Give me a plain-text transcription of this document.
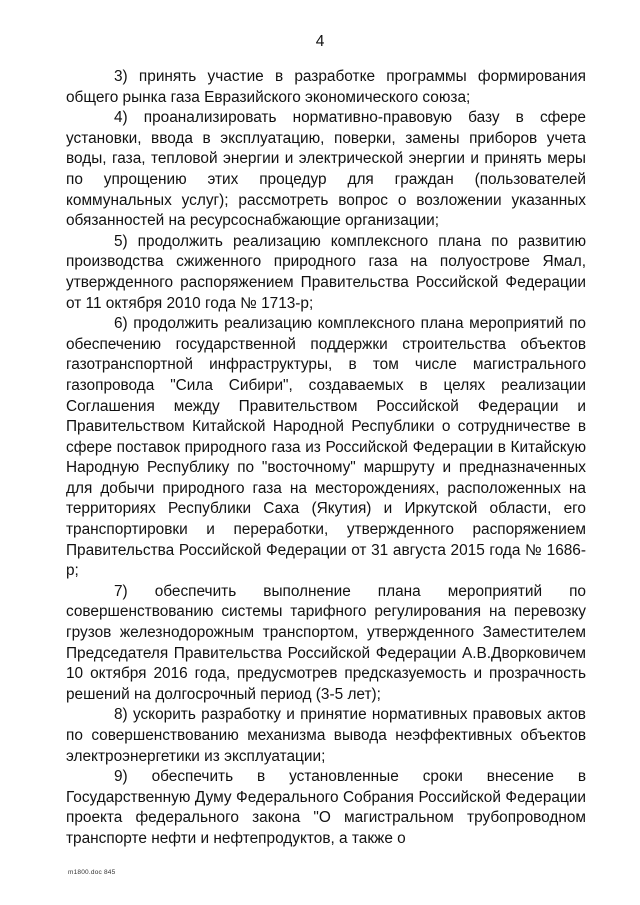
4

3) принять участие в разработке программы формирования общего рынка газа Евразийского экономического союза;

4) проанализировать нормативно-правовую базу в сфере установки, ввода в эксплуатацию, поверки, замены приборов учета воды, газа, тепловой энергии и электрической энергии и принять меры по упрощению этих процедур для граждан (пользователей коммунальных услуг); рассмотреть вопрос о возложении указанных обязанностей на ресурсоснабжающие организации;

5) продолжить реализацию комплексного плана по развитию производства сжиженного природного газа на полуострове Ямал, утвержденного распоряжением Правительства Российской Федерации от 11 октября 2010 года № 1713-р;

6) продолжить реализацию комплексного плана мероприятий по обеспечению государственной поддержки строительства объектов газотранспортной инфраструктуры, в том числе магистрального газопровода "Сила Сибири", создаваемых в целях реализации Соглашения между Правительством Российской Федерации и Правительством Китайской Народной Республики о сотрудничестве в сфере поставок природного газа из Российской Федерации в Китайскую Народную Республику по "восточному" маршруту и предназначенных для добычи природного газа на месторождениях, расположенных на территориях Республики Саха (Якутия) и Иркутской области, его транспортировки и переработки, утвержденного распоряжением Правительства Российской Федерации от 31 августа 2015 года № 1686-р;

7) обеспечить выполнение плана мероприятий по совершенствованию системы тарифного регулирования на перевозку грузов железнодорожным транспортом, утвержденного Заместителем Председателя Правительства Российской Федерации А.В.Дворковичем 10 октября 2016 года, предусмотрев предсказуемость и прозрачность решений на долгосрочный период (3-5 лет);

8) ускорить разработку и принятие нормативных правовых актов по совершенствованию механизма вывода неэффективных объектов электроэнергетики из эксплуатации;

9) обеспечить в установленные сроки внесение в Государственную Думу Федерального Собрания Российской Федерации проекта федерального закона "О магистральном трубопроводном транспорте нефти и нефтепродуктов, а также о

m1800.doc 845
